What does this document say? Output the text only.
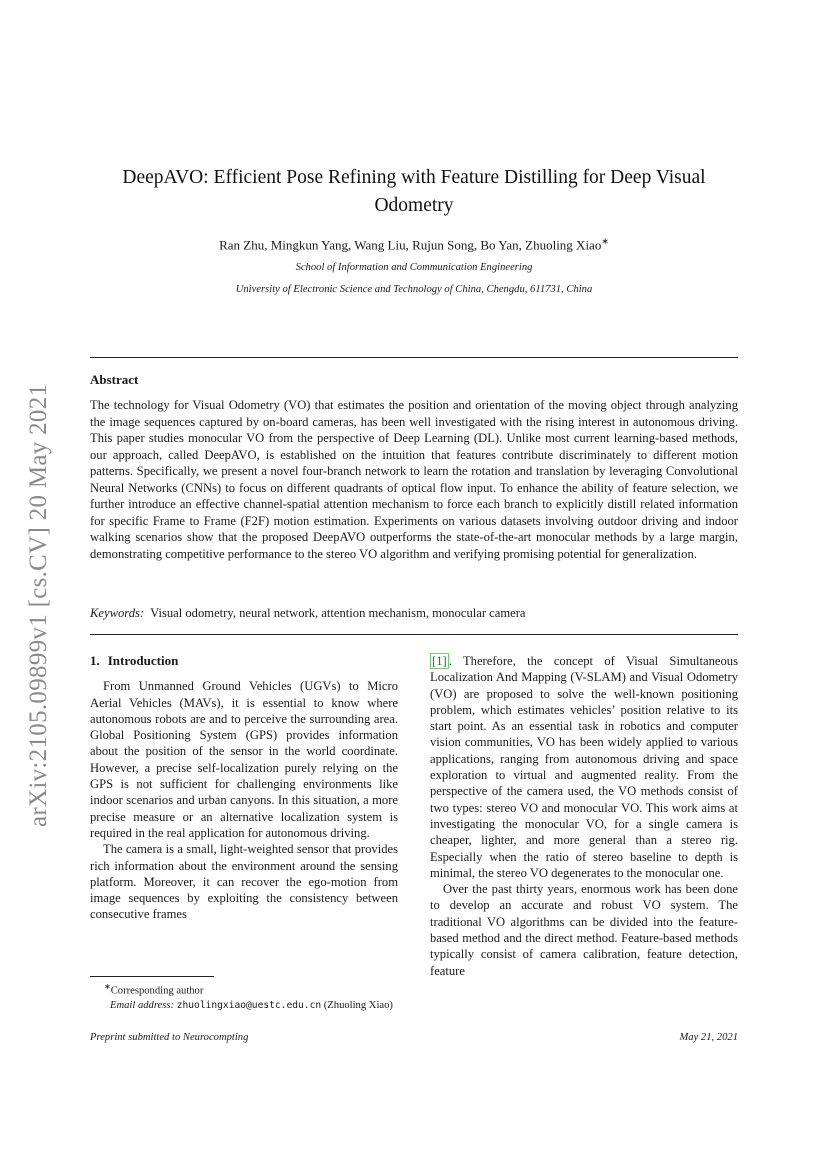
arXiv:2105.09899v1 [cs.CV] 20 May 2021
DeepAVO: Efficient Pose Refining with Feature Distilling for Deep Visual Odometry
Ran Zhu, Mingkun Yang, Wang Liu, Rujun Song, Bo Yan, Zhuoling Xiao∗
School of Information and Communication Engineering
University of Electronic Science and Technology of China, Chengdu, 611731, China
Abstract

The technology for Visual Odometry (VO) that estimates the position and orientation of the moving object through analyzing the image sequences captured by on-board cameras, has been well investigated with the rising interest in autonomous driving. This paper studies monocular VO from the perspective of Deep Learning (DL). Unlike most current learning-based methods, our approach, called DeepAVO, is established on the intuition that features contribute discriminately to different motion patterns. Specifically, we present a novel four-branch network to learn the rotation and translation by leveraging Convolutional Neural Networks (CNNs) to focus on different quadrants of optical flow input. To enhance the ability of feature selection, we further introduce an effective channel-spatial attention mechanism to force each branch to explicitly distill related information for specific Frame to Frame (F2F) motion estimation. Experiments on various datasets involving outdoor driving and indoor walking scenarios show that the proposed DeepAVO outperforms the state-of-the-art monocular methods by a large margin, demonstrating competitive performance to the stereo VO algorithm and verifying promising potential for generalization.

Keywords: Visual odometry, neural network, attention mechanism, monocular camera
1. Introduction

From Unmanned Ground Vehicles (UGVs) to Micro Aerial Vehicles (MAVs), it is essential to know where autonomous robots are and to perceive the surrounding area. Global Positioning System (GPS) provides information about the position of the sensor in the world coordinate. However, a precise self-localization purely relying on the GPS is not sufficient for challenging environments like indoor scenarios and urban canyons. In this situation, a more precise measure or an alternative localization system is required in the real application for autonomous driving.

The camera is a small, light-weighted sensor that provides rich information about the environment around the sensing platform. Moreover, it can recover the ego-motion from image sequences by exploiting the consistency between consecutive frames

[1] . Therefore, the concept of Visual Simultaneous Localization And Mapping (V-SLAM) and Visual Odometry (VO) are proposed to solve the well-known positioning problem, which estimates vehicles’ position relative to its start point. As an essential task in robotics and computer vision communities, VO has been widely applied to various applications, ranging from autonomous driving and space exploration to virtual and augmented reality. From the perspective of the camera used, the VO methods consist of two types: stereo VO and monocular VO. This work aims at investigating the monocular VO, for a single camera is cheaper, lighter, and more general than a stereo rig. Especially when the ratio of stereo baseline to depth is minimal, the stereo VO degenerates to the monocular one.

Over the past thirty years, enormous work has been done to develop an accurate and robust VO system. The traditional VO algorithms can be divided into the feature-based method and the direct method. Feature-based methods typically consist of camera calibration, feature detection, feature

∗Corresponding author
Email address: zhuolingxiao@uestc.edu.cn (Zhuoling Xiao)
Preprint submitted to Neurocompting	May 21, 2021
